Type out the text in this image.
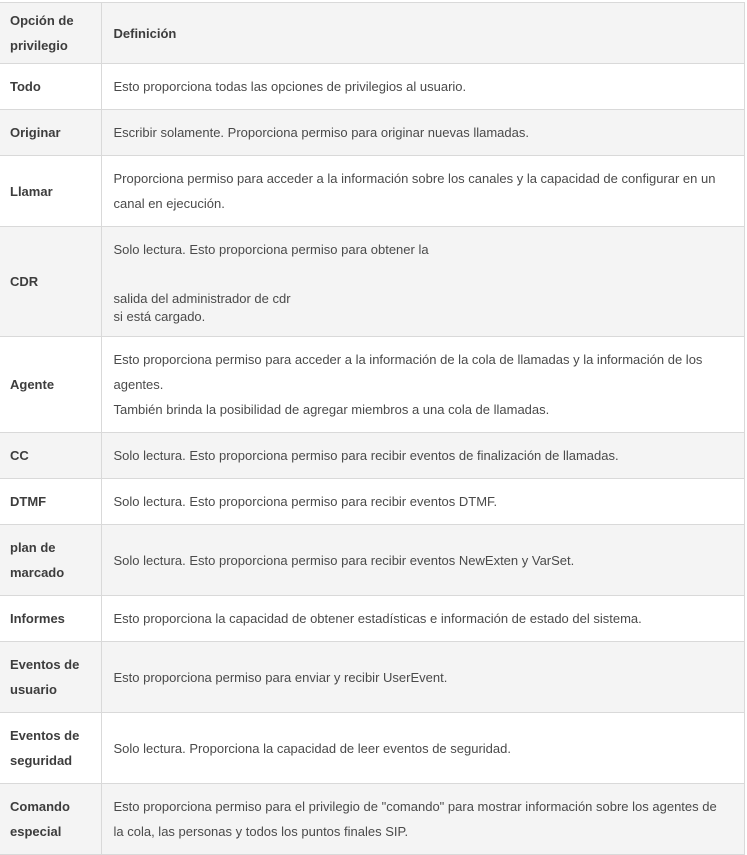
Opción de privilegio	Definición
Todo	Esto proporciona todas las opciones de privilegios al usuario.

Originar	Escribir solamente. Proporciona permiso para originar nuevas llamadas.

Llamar	Proporciona permiso para acceder a la información sobre los canales y la capacidad de configurar en un canal en ejecución.

CDR	Solo lectura. Esto proporciona permiso para obtener la

salida del administrador de cdr

si está cargado.

Agente	Esto proporciona permiso para acceder a la información de la cola de llamadas y la información de los agentes.

También brinda la posibilidad de agregar miembros a una cola de llamadas.

CC	Solo lectura. Esto proporciona permiso para recibir eventos de finalización de llamadas.

DTMF	Solo lectura. Esto proporciona permiso para recibir eventos DTMF.

plan de marcado	Solo lectura. Esto proporciona permiso para recibir eventos NewExten y VarSet.

Informes	Esto proporciona la capacidad de obtener estadísticas e información de estado del sistema.

Eventos de usuario	Esto proporciona permiso para enviar y recibir UserEvent.

Eventos de seguridad	Solo lectura. Proporciona la capacidad de leer eventos de seguridad.

Comando especial	Esto proporciona permiso para el privilegio de "comando" para mostrar información sobre los agentes de la cola, las personas y todos los puntos finales SIP.
